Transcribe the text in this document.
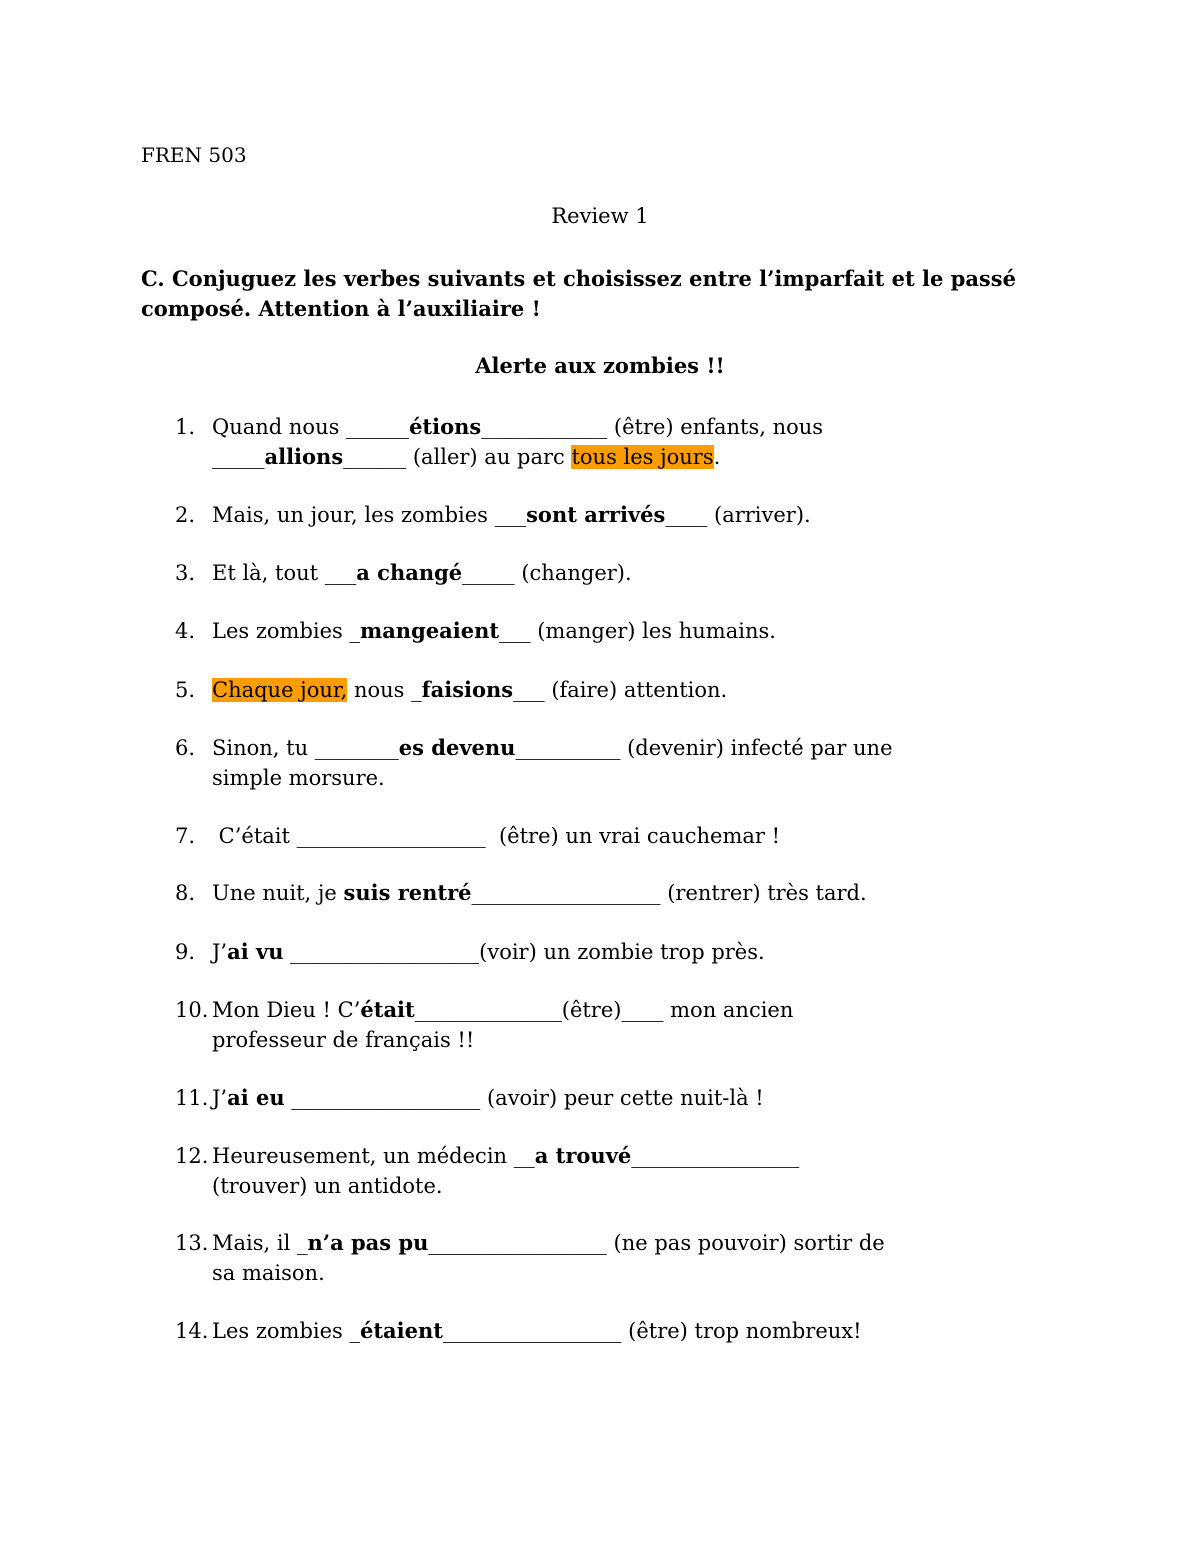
FREN 503
Review 1
C. Conjuguez les verbes suivants et choisissez entre l’imparfait et le passé
composé. Attention à l’auxiliaire !
Alerte aux zombies !!
1. Quand nous ______étions____________ (être) enfants, nous
_____allions______ (aller) au parc tous les jours.
2. Mais, un jour, les zombies ___sont arrivés____ (arriver).
3. Et là, tout ___a changé_____ (changer).
4. Les zombies _mangeaient___ (manger) les humains.
5. Chaque jour, nous _faisions___ (faire) attention.
6. Sinon, tu ________es devenu__________ (devenir) infecté par une
simple morsure.
7. C’était __________________  (être) un vrai cauchemar !
8. Une nuit, je suis rentré__________________ (rentrer) très tard.
9. J’ai vu __________________(voir) un zombie trop près.
10. Mon Dieu ! C’était______________(être)____ mon ancien
professeur de français !!
11. J’ai eu __________________ (avoir) peur cette nuit-là !
12. Heureusement, un médecin __a trouvé________________
(trouver) un antidote.
13. Mais, il _n’a pas pu_________________ (ne pas pouvoir) sortir de
sa maison.
14. Les zombies _étaient_________________ (être) trop nombreux!
